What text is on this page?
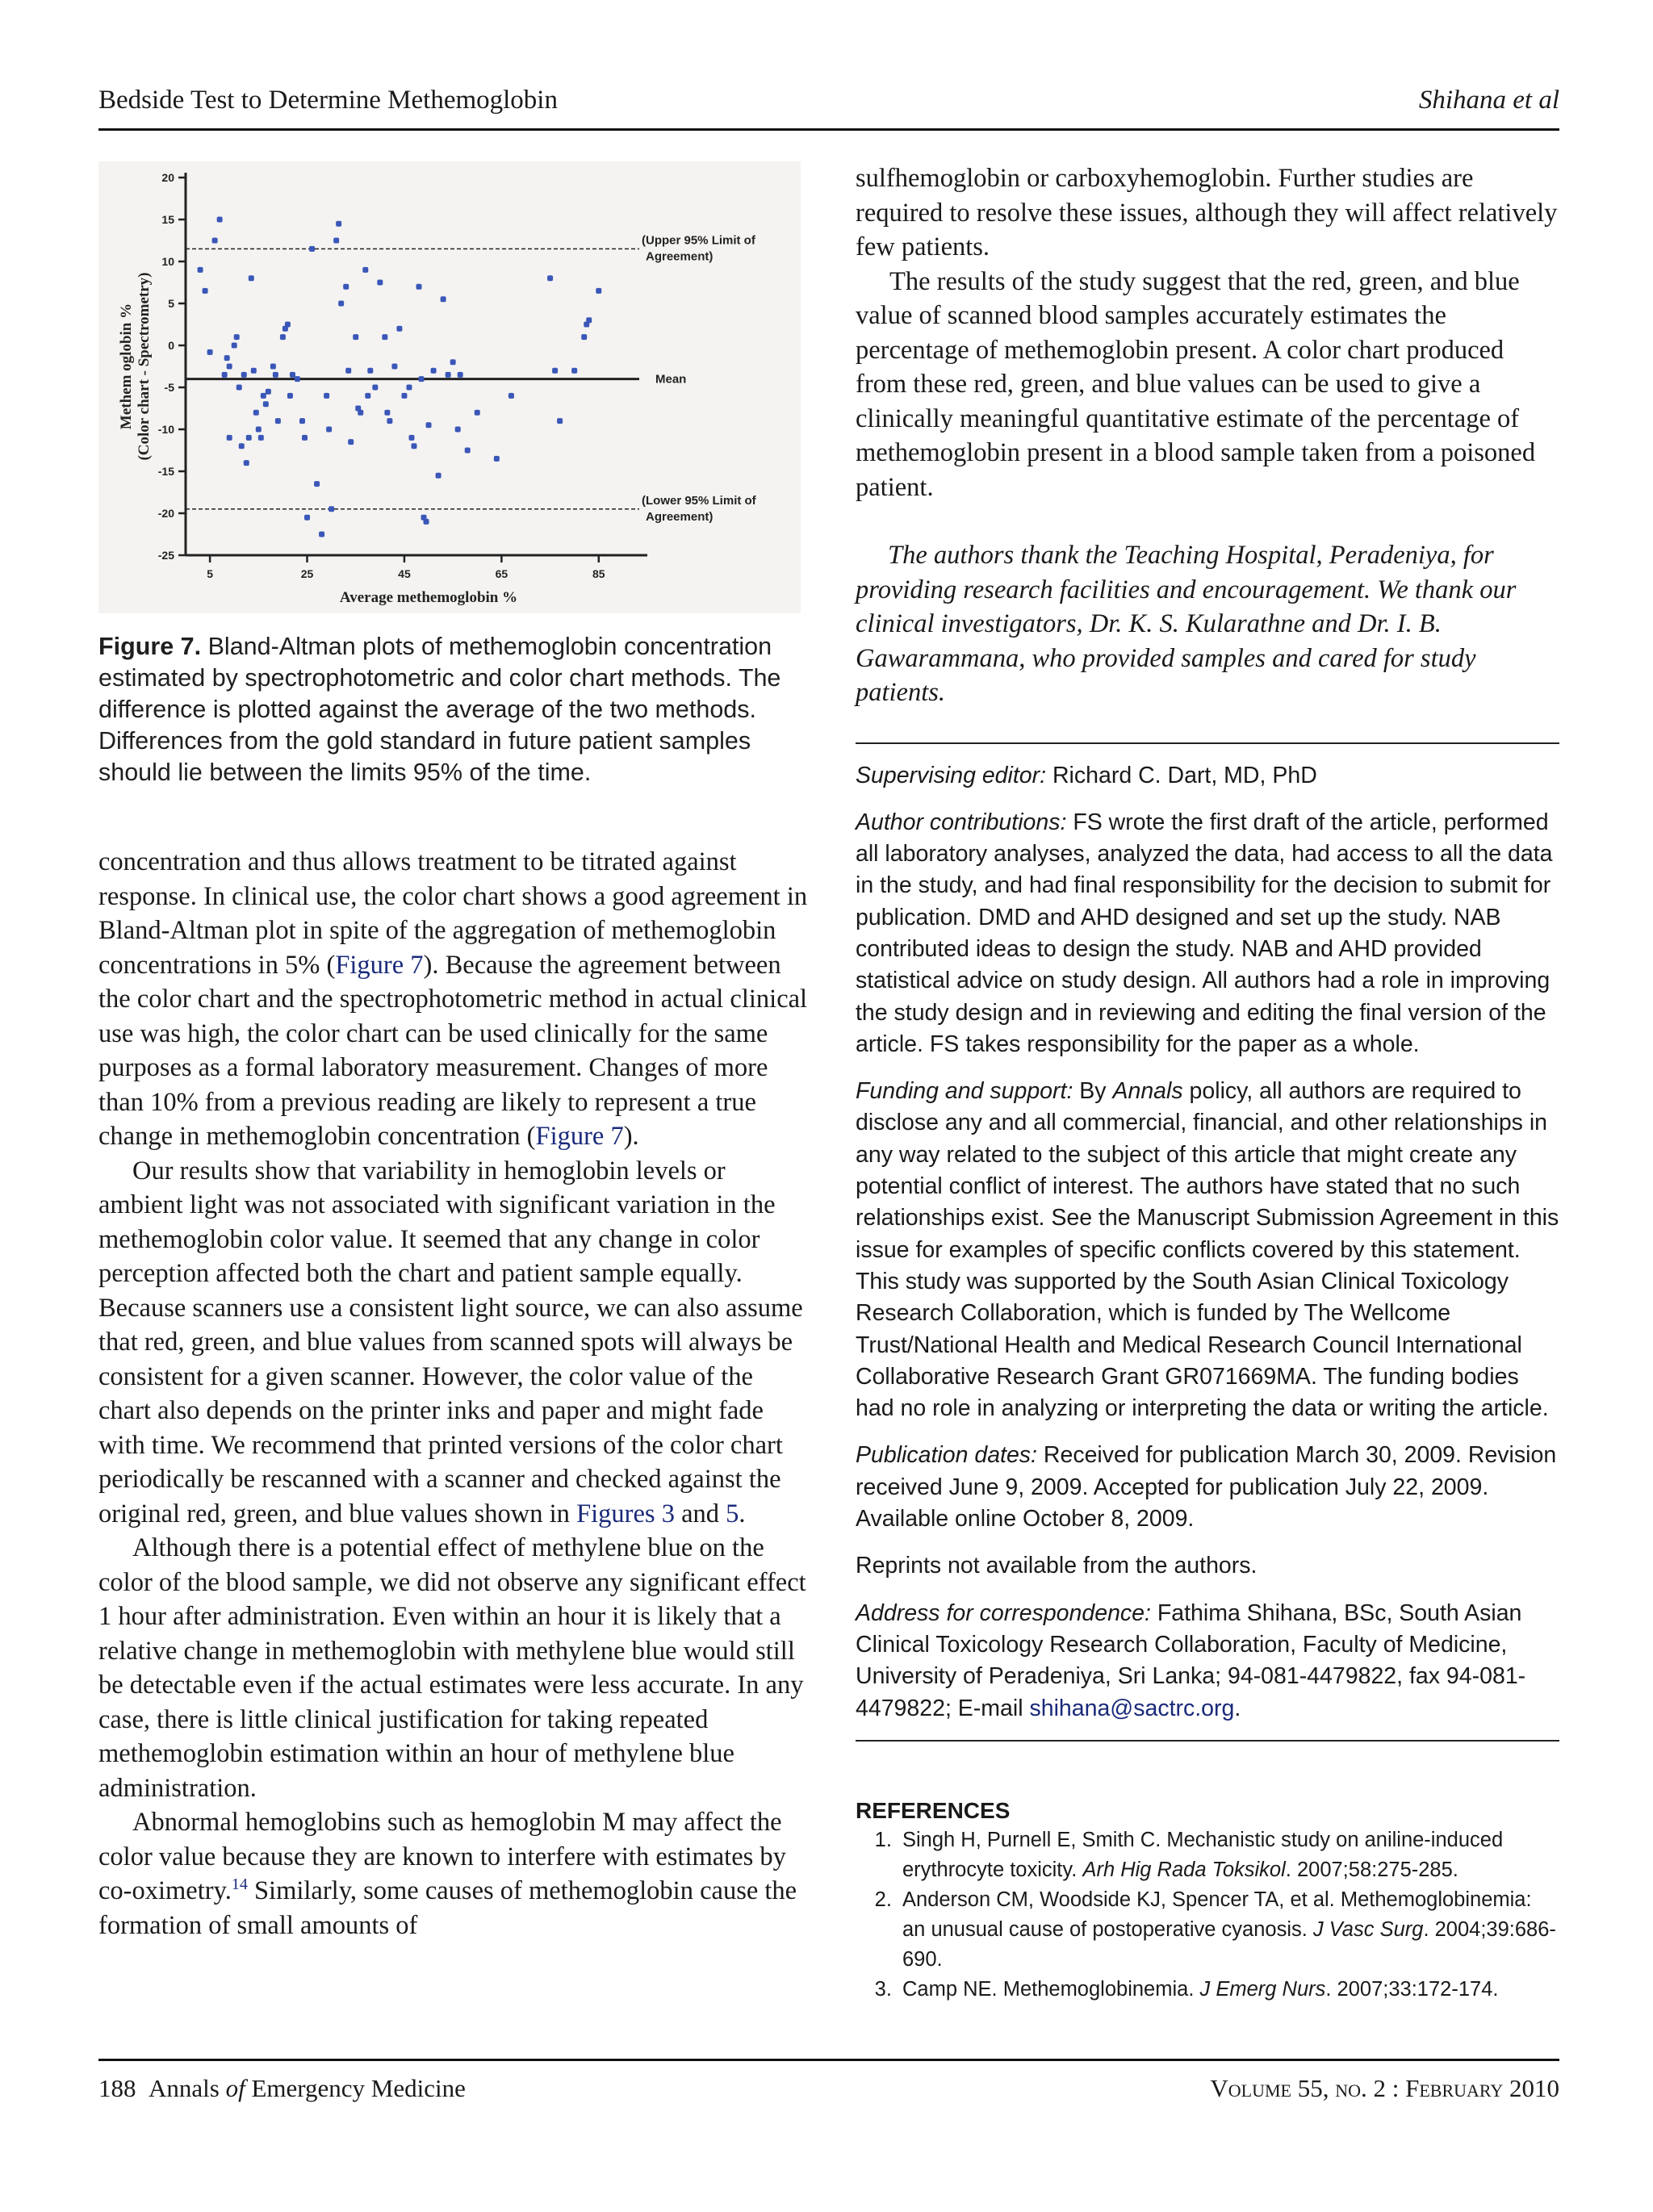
Bedside Test to Determine Methemoglobin	Shihana et al
20
15
10
5
0
-5
-10
-15
-20
-25
5	25	45	65	85
(Upper 95% Limit of
Agreement)
Mean
(Lower 95% Limit of
Agreement)
Average methemoglobin %
Methem oglobin % (Color chart - Spectrometry)
Figure 7. Bland-Altman plots of methemoglobin concentration estimated by spectrophotometric and color chart methods. The difference is plotted against the average of the two methods. Differences from the gold standard in future patient samples should lie between the limits 95% of the time.

concentration and thus allows treatment to be titrated against response. In clinical use, the color chart shows a good agreement in Bland-Altman plot in spite of the aggregation of methemoglobin concentrations in 5% (Figure 7). Because the agreement between the color chart and the spectrophotometric method in actual clinical use was high, the color chart can be used clinically for the same purposes as a formal laboratory measurement. Changes of more than 10% from a previous reading are likely to represent a true change in methemoglobin concentration (Figure 7).

Our results show that variability in hemoglobin levels or ambient light was not associated with significant variation in the methemoglobin color value. It seemed that any change in color perception affected both the chart and patient sample equally. Because scanners use a consistent light source, we can also assume that red, green, and blue values from scanned spots will always be consistent for a given scanner. However, the color value of the chart also depends on the printer inks and paper and might fade with time. We recommend that printed versions of the color chart periodically be rescanned with a scanner and checked against the original red, green, and blue values shown in Figures 3 and 5.

Although there is a potential effect of methylene blue on the color of the blood sample, we did not observe any significant effect 1 hour after administration. Even within an hour it is likely that a relative change in methemoglobin with methylene blue would still be detectable even if the actual estimates were less accurate. In any case, there is little clinical justification for taking repeated methemoglobin estimation within an hour of methylene blue administration.

Abnormal hemoglobins such as hemoglobin M may affect the color value because they are known to interfere with estimates by co-oximetry.$^{14}$ Similarly, some causes of methemoglobin cause the formation of small amounts of

sulfhemoglobin or carboxyhemoglobin. Further studies are required to resolve these issues, although they will affect relatively few patients.

The results of the study suggest that the red, green, and blue value of scanned blood samples accurately estimates the percentage of methemoglobin present. A color chart produced from these red, green, and blue values can be used to give a clinically meaningful quantitative estimate of the percentage of methemoglobin present in a blood sample taken from a poisoned patient.

The authors thank the Teaching Hospital, Peradeniya, for providing research facilities and encouragement. We thank our clinical investigators, Dr. K. S. Kularathne and Dr. I. B. Gawarammana, who provided samples and cared for study patients.

Supervising editor: Richard C. Dart, MD, PhD

Author contributions: FS wrote the first draft of the article, performed all laboratory analyses, analyzed the data, had access to all the data in the study, and had final responsibility for the decision to submit for publication. DMD and AHD designed and set up the study. NAB contributed ideas to design the study. NAB and AHD provided statistical advice on study design. All authors had a role in improving the study design and in reviewing and editing the final version of the article. FS takes responsibility for the paper as a whole.

Funding and support: By Annals policy, all authors are required to disclose any and all commercial, financial, and other relationships in any way related to the subject of this article that might create any potential conflict of interest. The authors have stated that no such relationships exist. See the Manuscript Submission Agreement in this issue for examples of specific conflicts covered by this statement. This study was supported by the South Asian Clinical Toxicology Research Collaboration, which is funded by The Wellcome Trust/National Health and Medical Research Council International Collaborative Research Grant GR071669MA. The funding bodies had no role in analyzing or interpreting the data or writing the article.

Publication dates: Received for publication March 30, 2009. Revision received June 9, 2009. Accepted for publication July 22, 2009. Available online October 8, 2009.

Reprints not available from the authors.

Address for correspondence: Fathima Shihana, BSc, South Asian Clinical Toxicology Research Collaboration, Faculty of Medicine, University of Peradeniya, Sri Lanka; 94-081-4479822, fax 94-081-4479822; E-mail shihana@sactrc.org.

REFERENCES
1. Singh H, Purnell E, Smith C. Mechanistic study on aniline-induced erythrocyte toxicity. Arh Hig Rada Toksikol. 2007;58:275-285.
2. Anderson CM, Woodside KJ, Spencer TA, et al. Methemoglobinemia: an unusual cause of postoperative cyanosis. J Vasc Surg. 2004;39:686-690.
3. Camp NE. Methemoglobinemia. J Emerg Nurs. 2007;33:172-174.
188 Annals of Emergency Medicine	Volume 55, no. 2 : February 2010
